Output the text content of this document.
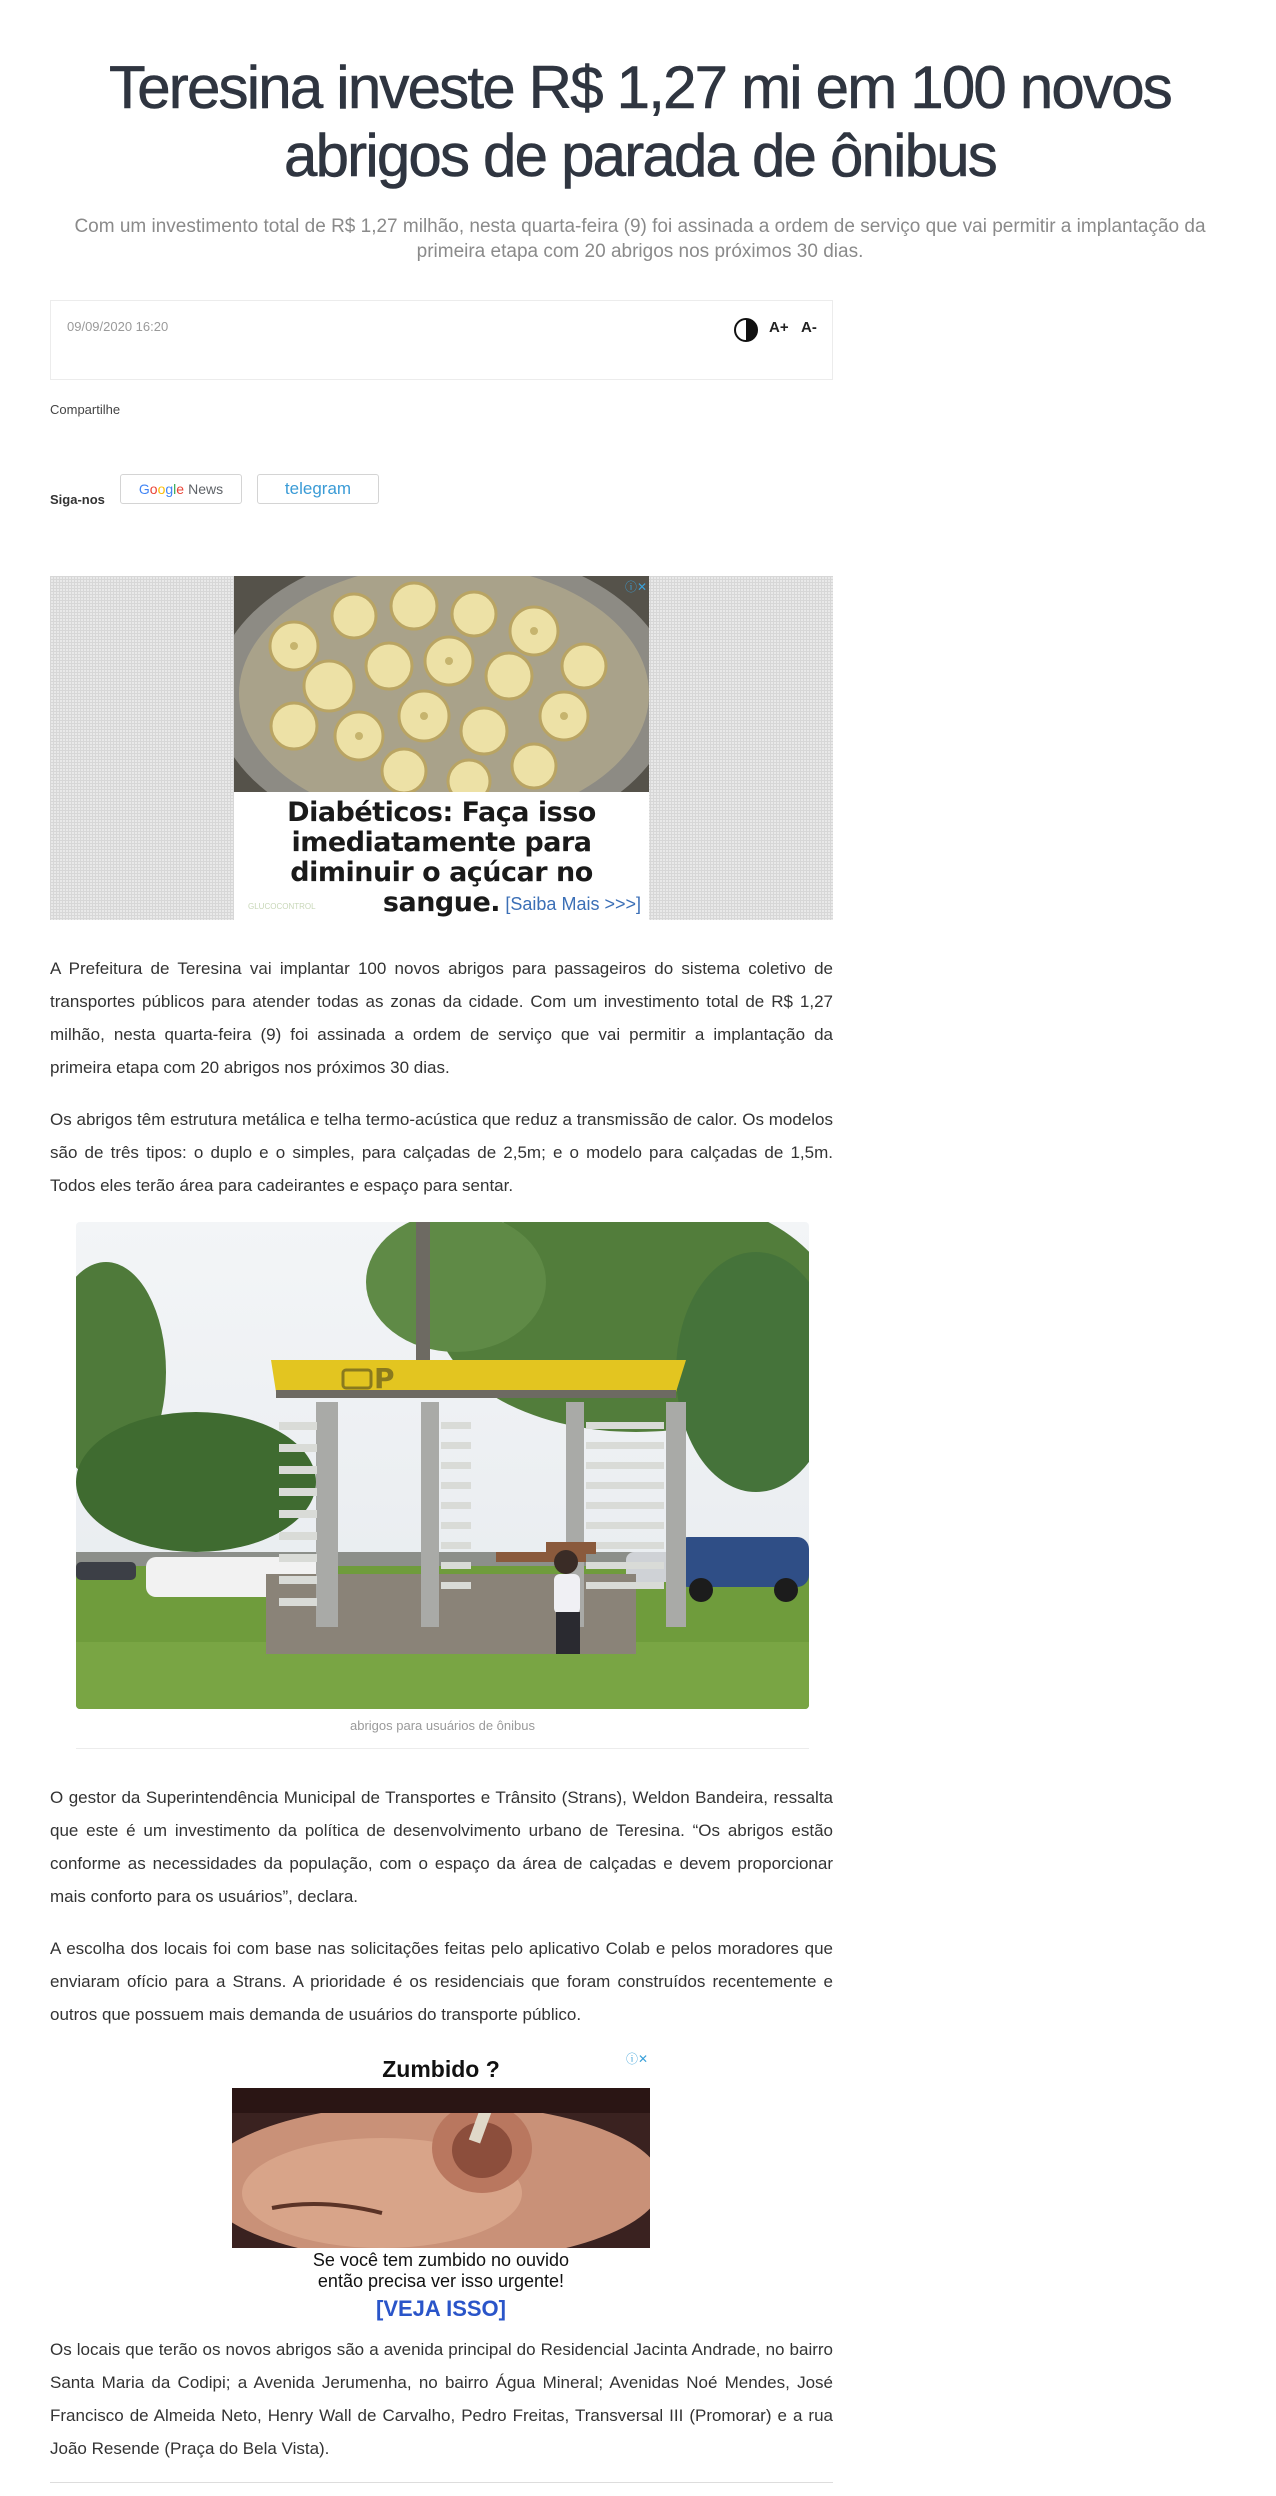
Teresina investe R$ 1,27 mi em 100 novos abrigos de parada de ônibus

Com um investimento total de R$ 1,27 milhão, nesta quarta-feira (9) foi assinada a ordem de serviço que vai permitir a implantação da primeira etapa com 20 abrigos nos próximos 30 dias.

09/09/2020 16:20	A+ A-
Compartilhe
Siga-nos
Google News	telegram
Diabéticos: Faça isso imediatamente para diminuir o açúcar no sangue.
GLUCOCONTROL	[Saiba Mais >>>]
ⓘ✕

A Prefeitura de Teresina vai implantar 100 novos abrigos para passageiros do sistema coletivo de transportes públicos para atender todas as zonas da cidade. Com um investimento total de R$ 1,27 milhão, nesta quarta-feira (9) foi assinada a ordem de serviço que vai permitir a implantação da primeira etapa com 20 abrigos nos próximos 30 dias.

Os abrigos têm estrutura metálica e telha termo-acústica que reduz a transmissão de calor. Os modelos são de três tipos: o duplo e o simples, para calçadas de 2,5m; e o modelo para calçadas de 1,5m. Todos eles terão área para cadeirantes e espaço para sentar.

P
abrigos para usuários de ônibus

O gestor da Superintendência Municipal de Transportes e Trânsito (Strans), Weldon Bandeira, ressalta que este é um investimento da política de desenvolvimento urbano de Teresina. “Os abrigos estão conforme as necessidades da população, com o espaço da área de calçadas e devem proporcionar mais conforto para os usuários”, declara.

A escolha dos locais foi com base nas solicitações feitas pelo aplicativo Colab e pelos moradores que enviaram ofício para a Strans. A prioridade é os residenciais que foram construídos recentemente e outros que possuem mais demanda de usuários do transporte público.

Zumbido ?	ⓘ✕
Se você tem zumbido no ouvido
então precisa ver isso urgente!
[VEJA ISSO]

Os locais que terão os novos abrigos são a avenida principal do Residencial Jacinta Andrade, no bairro Santa Maria da Codipi; a Avenida Jerumenha, no bairro Água Mineral; Avenidas Noé Mendes, José Francisco de Almeida Neto, Henry Wall de Carvalho, Pedro Freitas, Transversal III (Promorar) e a rua João Resende (Praça do Bela Vista).
